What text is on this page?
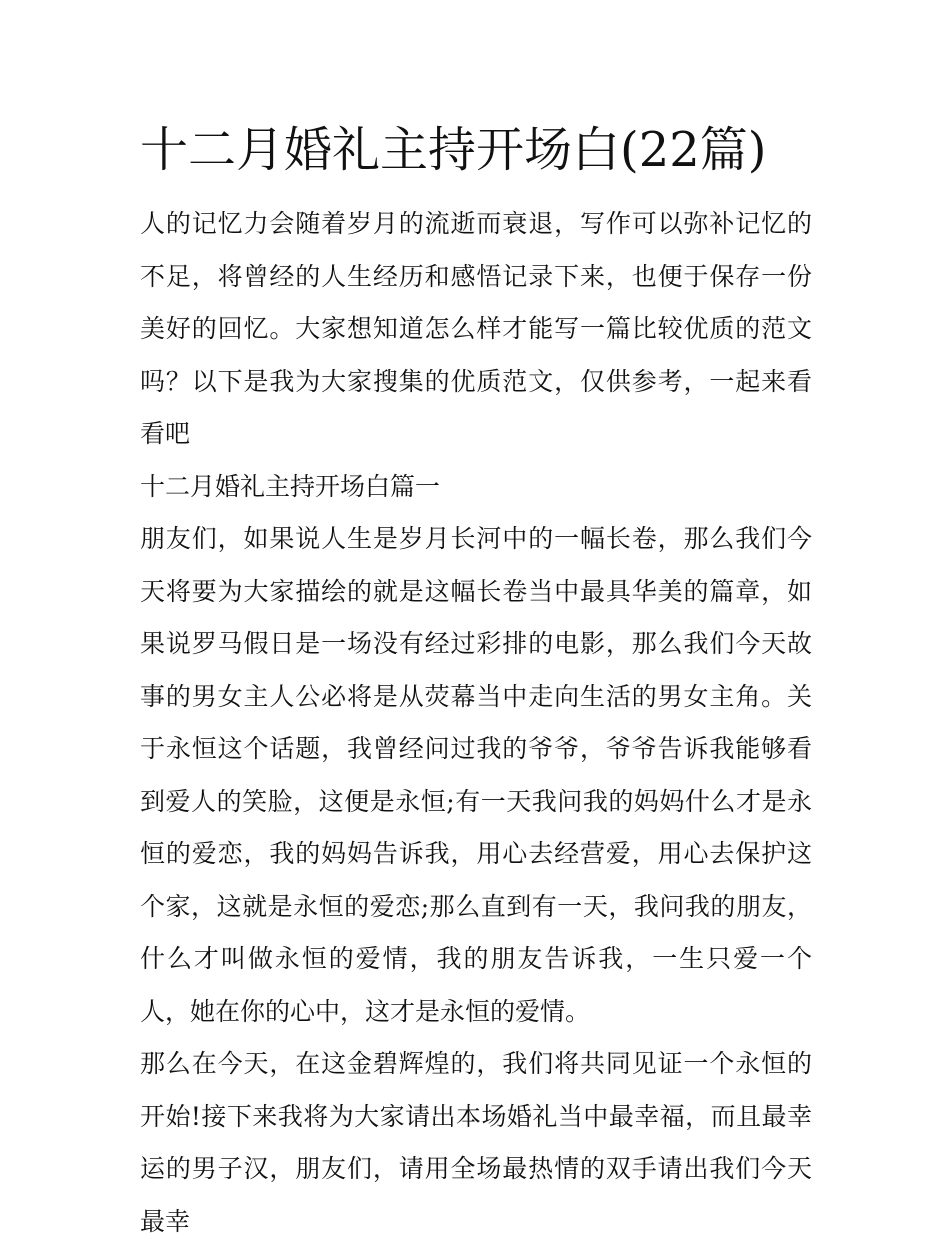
十二月婚礼主持开场白(22篇)

人的记忆力会随着岁月的流逝而衰退，写作可以弥补记忆的不足，将曾经的人生经历和感悟记录下来，也便于保存一份美好的回忆。大家想知道怎么样才能写一篇比较优质的范文吗？以下是我为大家搜集的优质范文，仅供参考，一起来看看吧

十二月婚礼主持开场白篇一

朋友们，如果说人生是岁月长河中的一幅长卷，那么我们今天将要为大家描绘的就是这幅长卷当中最具华美的篇章，如果说罗马假日是一场没有经过彩排的电影，那么我们今天故事的男女主人公必将是从荧幕当中走向生活的男女主角。关于永恒这个话题，我曾经问过我的爷爷，爷爷告诉我能够看到爱人的笑脸，这便是永恒;有一天我问我的妈妈什么才是永恒的爱恋，我的妈妈告诉我，用心去经营爱，用心去保护这个家，这就是永恒的爱恋;那么直到有一天，我问我的朋友，什么才叫做永恒的爱情，我的朋友告诉我，一生只爱一个人，她在你的心中，这才是永恒的爱情。

那么在今天，在这金碧辉煌的，我们将共同见证一个永恒的开始!接下来我将为大家请出本场婚礼当中最幸福，而且最幸运的男子汉，朋友们，请用全场最热情的双手请出我们今天最幸
